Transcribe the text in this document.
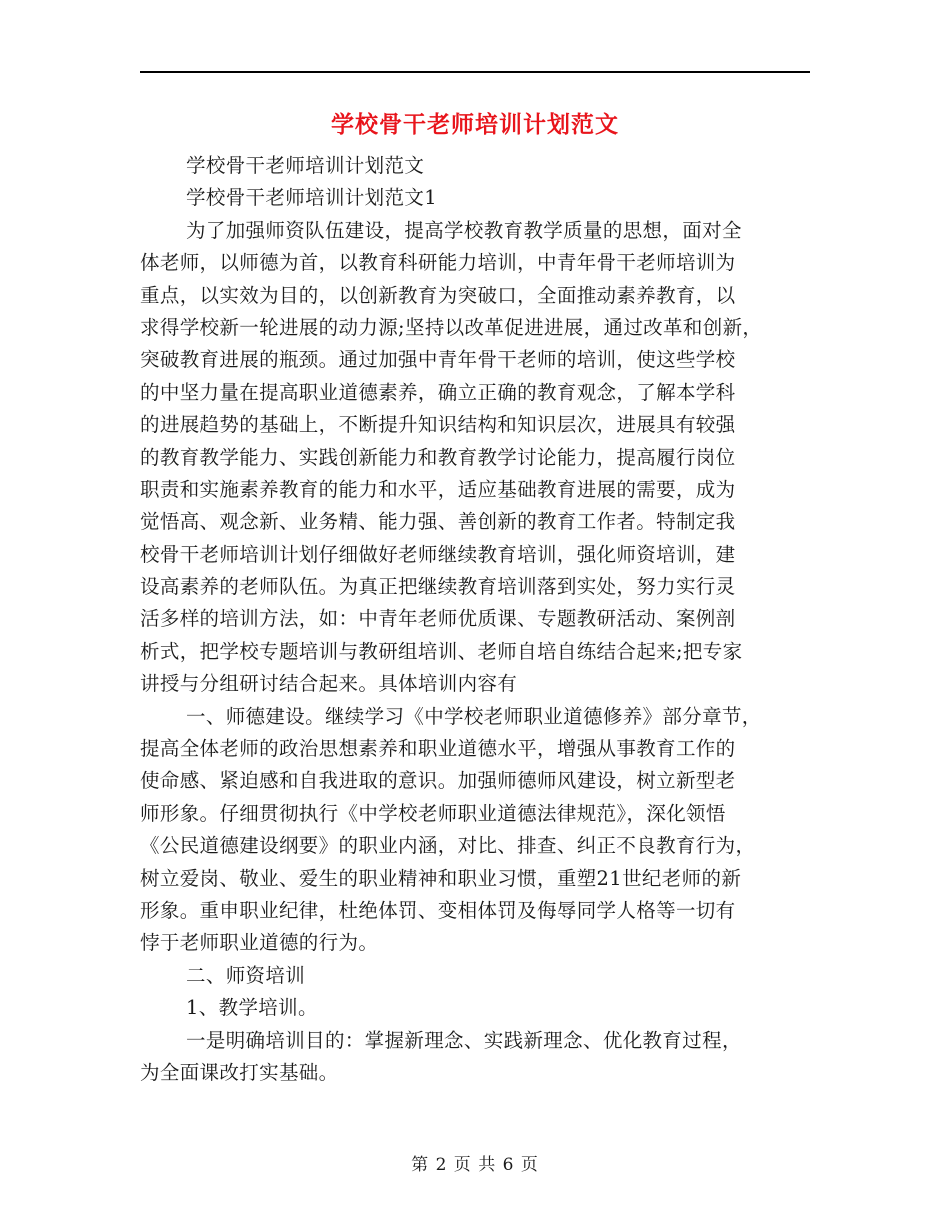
学校骨干老师培训计划范文
学校骨干老师培训计划范文
学校骨干老师培训计划范文1
为了加强师资队伍建设，提高学校教育教学质量的思想，面对全
体老师，以师德为首，以教育科研能力培训，中青年骨干老师培训为
重点，以实效为目的，以创新教育为突破口，全面推动素养教育，以
求得学校新一轮进展的动力源;坚持以改革促进进展，通过改革和创新，
突破教育进展的瓶颈。通过加强中青年骨干老师的培训，使这些学校
的中坚力量在提高职业道德素养，确立正确的教育观念，了解本学科
的进展趋势的基础上，不断提升知识结构和知识层次，进展具有较强
的教育教学能力、实践创新能力和教育教学讨论能力，提高履行岗位
职责和实施素养教育的能力和水平，适应基础教育进展的需要，成为
觉悟高、观念新、业务精、能力强、善创新的教育工作者。特制定我
校骨干老师培训计划仔细做好老师继续教育培训，强化师资培训，建
设高素养的老师队伍。为真正把继续教育培训落到实处，努力实行灵
活多样的培训方法，如：中青年老师优质课、专题教研活动、案例剖
析式，把学校专题培训与教研组培训、老师自培自练结合起来;把专家
讲授与分组研讨结合起来。具体培训内容有
一、师德建设。继续学习《中学校老师职业道德修养》部分章节，
提高全体老师的政治思想素养和职业道德水平，增强从事教育工作的
使命感、紧迫感和自我进取的意识。加强师德师风建设，树立新型老
师形象。仔细贯彻执行《中学校老师职业道德法律规范》，深化领悟
《公民道德建设纲要》的职业内涵，对比、排查、纠正不良教育行为，
树立爱岗、敬业、爱生的职业精神和职业习惯，重塑21世纪老师的新
形象。重申职业纪律，杜绝体罚、变相体罚及侮辱同学人格等一切有
悖于老师职业道德的行为。
二、师资培训
1、教学培训。
一是明确培训目的：掌握新理念、实践新理念、优化教育过程，
为全面课改打实基础。
第 2 页 共 6 页
